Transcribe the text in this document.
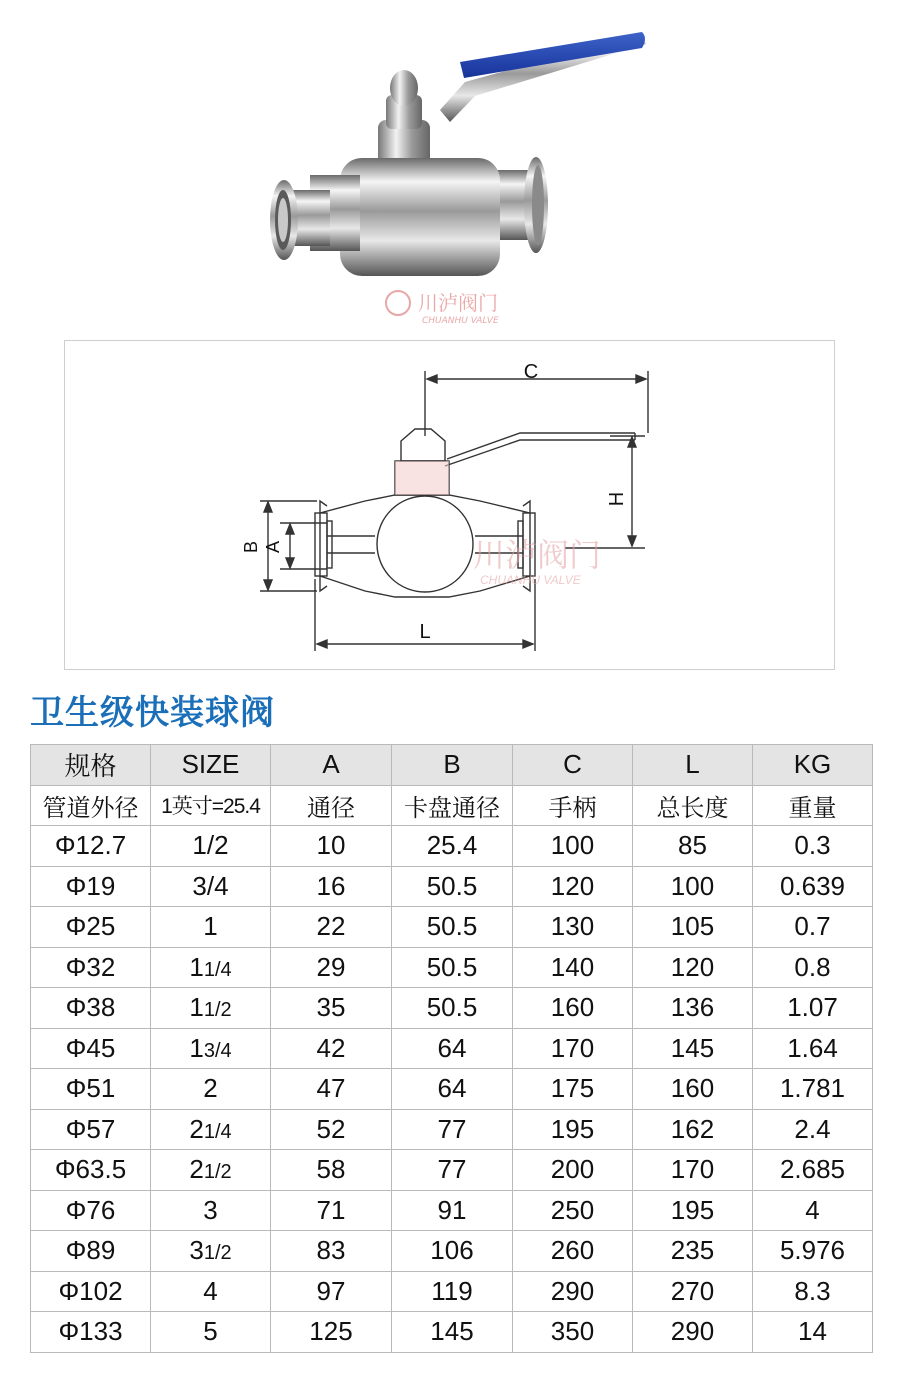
川泸阀门
CHUANHU VALVE
C
H
B A
L
川泸阀门
CHUANHU VALVE
卫生级快装球阀
规格	SIZE	A	B	C	L	KG
管道外径	1英寸=25.4	通径	卡盘通径	手柄	总长度	重量
Φ12.7	1/2	10	25.4	100	85	0.3
Φ19	3/4	16	50.5	120	100	0.639
Φ25	1	22	50.5	130	105	0.7
Φ32	11/4	29	50.5	140	120	0.8
Φ38	11/2	35	50.5	160	136	1.07
Φ45	13/4	42	64	170	145	1.64
Φ51	2	47	64	175	160	1.781
Φ57	21/4	52	77	195	162	2.4
Φ63.5	21/2	58	77	200	170	2.685
Φ76	3	71	91	250	195	4
Φ89	31/2	83	106	260	235	5.976
Φ102	4	97	119	290	270	8.3
Φ133	5	125	145	350	290	14
